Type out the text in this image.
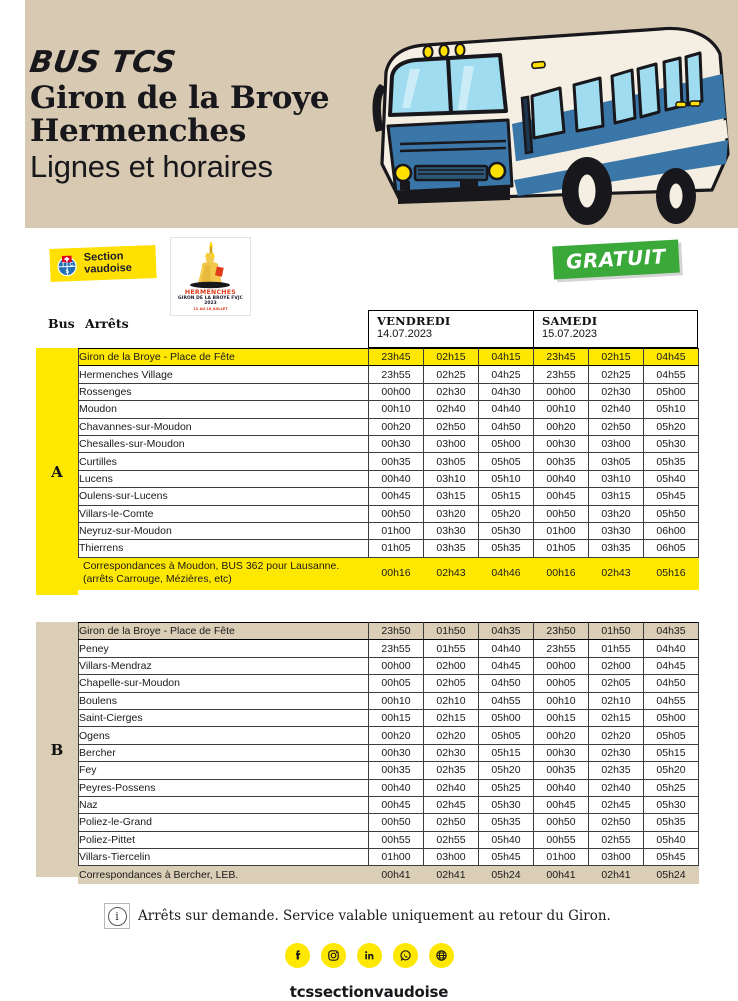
BUS TCS
Giron de la Broye
Hermenches
Lignes et horaires
T C
S
Section
vaudoise
HERMENCHES
GIRON DE LA BROYE FVJC 2023
12 AU 16 JUILLET
GRATUIT
Bus Arrêts	VENDREDI
14.07.2023
SAMEDI
15.07.2023
A
Giron de la Broye - Place de Fête	23h45	02h15	04h15	23h45	02h15	04h45
Hermenches Village	23h55	02h25	04h25	23h55	02h25	04h55
Rossenges	00h00	02h30	04h30	00h00	02h30	05h00
Moudon	00h10	02h40	04h40	00h10	02h40	05h10
Chavannes-sur-Moudon	00h20	02h50	04h50	00h20	02h50	05h20
Chesalles-sur-Moudon	00h30	03h00	05h00	00h30	03h00	05h30
Curtilles	00h35	03h05	05h05	00h35	03h05	05h35
Lucens	00h40	03h10	05h10	00h40	03h10	05h40
Oulens-sur-Lucens	00h45	03h15	05h15	00h45	03h15	05h45
Villars-le-Comte	00h50	03h20	05h20	00h50	03h20	05h50
Neyruz-sur-Moudon	01h00	03h30	05h30	01h00	03h30	06h00
Thierrens	01h05	03h35	05h35	01h05	03h35	06h05
Correspondances à Moudon, BUS 362 pour Lausanne. (arrêts Carrouge, Mézières, etc)	00h16	02h43	04h46	00h16	02h43	05h16
B
Giron de la Broye - Place de Fête	23h50	01h50	04h35	23h50	01h50	04h35
Peney	23h55	01h55	04h40	23h55	01h55	04h40
Villars-Mendraz	00h00	02h00	04h45	00h00	02h00	04h45
Chapelle-sur-Moudon	00h05	02h05	04h50	00h05	02h05	04h50
Boulens	00h10	02h10	04h55	00h10	02h10	04h55
Saint-Cierges	00h15	02h15	05h00	00h15	02h15	05h00
Ogens	00h20	02h20	05h05	00h20	02h20	05h05
Bercher	00h30	02h30	05h15	00h30	02h30	05h15
Fey	00h35	02h35	05h20	00h35	02h35	05h20
Peyres-Possens	00h40	02h40	05h25	00h40	02h40	05h25
Naz	00h45	02h45	05h30	00h45	02h45	05h30
Poliez-le-Grand	00h50	02h50	05h35	00h50	02h50	05h35
Poliez-Pittet	00h55	02h55	05h40	00h55	02h55	05h40
Villars-Tiercelin	01h00	03h00	05h45	01h00	03h00	05h45
Correspondances à Bercher, LEB.	00h41	02h41	05h24	00h41	02h41	05h24
i	Arrêts sur demande. Service valable uniquement au retour du Giron.
tcssectionvaudoise
